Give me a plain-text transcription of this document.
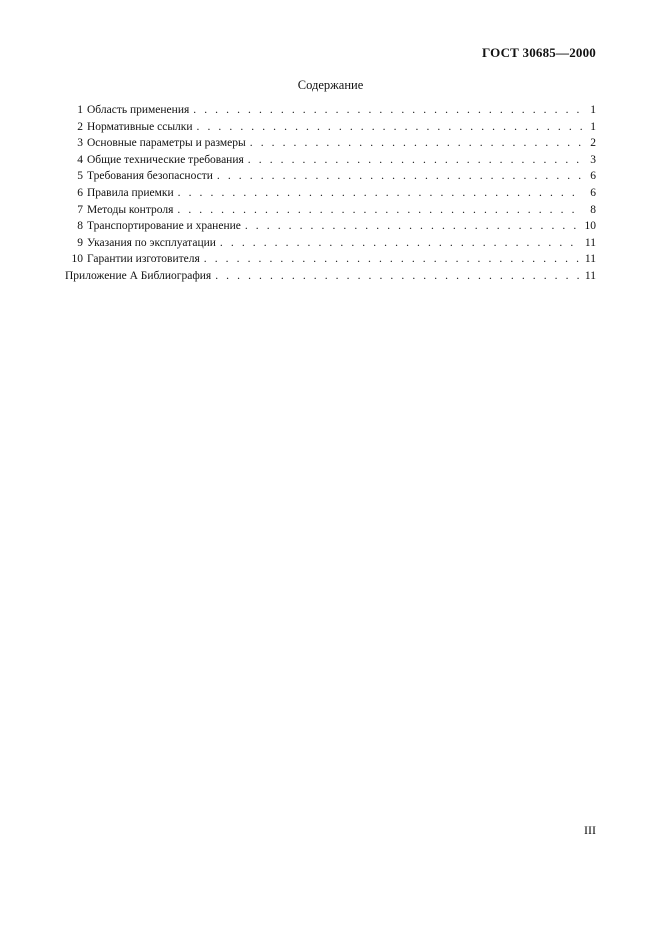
ГОСТ 30685—2000
Содержание
1 Область применения . . .	1
2 Нормативные ссылки . . .	1
3 Основные параметры и размеры . . .	2
4 Общие технические требования . . .	3
5 Требования безопасности . . .	6
6 Правила приемки . . .	6
7 Методы контроля . . .	8
8 Транспортирование и хранение . . .	10
9 Указания по эксплуатации . . .	11
10 Гарантии изготовителя . . .	11
Приложение А Библиография . . .	11
III
